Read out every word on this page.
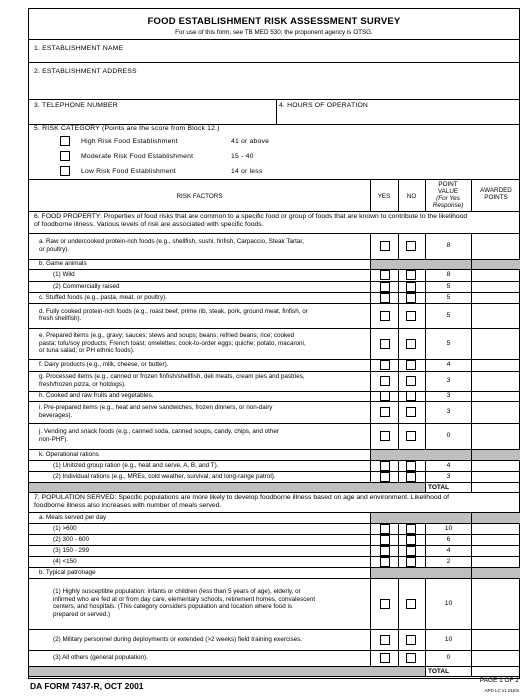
FOOD ESTABLISHMENT RISK ASSESSMENT SURVEY
For use of this form, see TB MED 530; the proponent agency is OTSG.
1. ESTABLISHMENT NAME
2. ESTABLISHMENT ADDRESS
3. TELEPHONE NUMBER	4. HOURS OF OPERATION
5. RISK CATEGORY (Points are the score from Block 12.)
High Risk Food Establishment	41 or above
Moderate Risk Food Establishment	15 - 40
Low Risk Food Establishment	14 or less
RISK FACTORS	YES	NO
POINT
VALUE
(For Yes
Response)
AWARDED
POINTS
6. FOOD PROPERTY: Properties of food risks that are common to a specific food or group of foods that are known to contribute to the likelihood
of foodborne illness. Various levels of risk are associated with specific foods.
a. Raw or undercooked protein-rich foods (e.g., shellfish, sushi, finfish, Carpaccio, Steak Tartar,
or poultry).
8
b. Game animals
(1) Wild	8
(2) Commercially raised	5
c. Stuffed foods (e.g., pasta, meat, or poultry).	5
d. Fully cooked protein-rich foods (e.g., roast beef, prime rib, steak, pork, ground meat, finfish, or
fresh shellfish).
5
e. Prepared items (e.g., gravy; sauces; stews and soups; beans; refried beans; rice; cooked
pasta; tofu/soy products; French toast; omelettes; cook-to-order eggs; quiche; potato, macaroni,
or tuna salad; or PH ethnic foods).
5
f. Dairy products (e.g., milk, cheese, or butter).	4
g. Processed items (e.g., canned or frozen finfish/shellfish, deli meats, cream pies and pastries,
fresh/frozen pizza, or hotdogs).
3
h. Cooked and raw fruits and vegetables.	3
i. Pre-prepared items (e.g., heat and serve sandwiches, frozen dinners, or non-dairy
beverages).
3
j. Vending and snack foods (e.g., canned soda, canned soups, candy, chips, and other
non-PHF).
0
k. Operational rations
(1) Unitized group ration (e.g., heat and serve, A, B, and T).	4
(2) Individual rations (e.g., MREs, cold weather, survival, and long-range patrol).	3
TOTAL
7. POPULATION SERVED: Specific populations are more likely to develop foodborne illness based on age and environment. Likelihood of
foodborne illness also increases with number of meals served.
a. Meals served per day
(1) >600	10
(2) 300 - 600	6
(3) 150 - 299	4
(4) <150	2
b. Typical patronage
(1) Highly susceptible population: infants or children (less than 5 years of age), elderly, or
infirmed who are fed at or from day care, elementary schools, retirement homes, convalescent
centers, and hospitals. (This category considers population and location where food is
prepared or served.)
10
(2) Military personnel during deployments or extended (>2 weeks) field training exercises.	10
(3) All others (general population).	0
TOTAL
DA FORM 7437-R, OCT 2001
PAGE 1 OF 2
APD LC v1.01ES
